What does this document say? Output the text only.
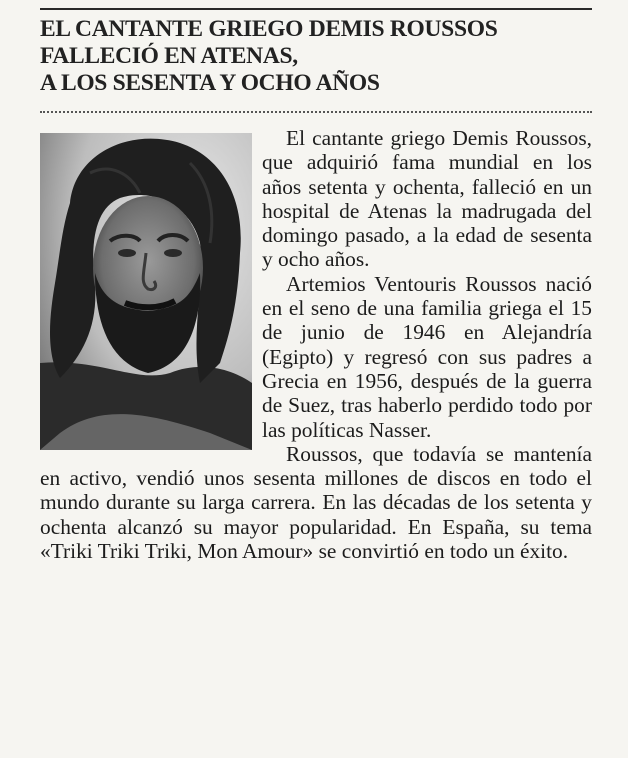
EL CANTANTE GRIEGO DEMIS ROUSSOS
FALLECIÓ EN ATENAS,
A LOS SESENTA Y OCHO AÑOS

El cantante griego Demis Roussos, que adquirió fama mundial en los años setenta y ochenta, falleció en un hospital de Atenas la madrugada del domingo pasado, a la edad de sesenta y ocho años.

Artemios Ventouris Roussos nació en el seno de una familia griega el 15 de junio de 1946 en Alejandría (Egipto) y regresó con sus padres a Grecia en 1956, después de la guerra de Suez, tras haberlo perdido todo por las políticas Nasser.

Roussos, que todavía se mantenía en activo, vendió unos sesenta millones de discos en todo el mundo durante su larga carrera. En las décadas de los setenta y ochenta alcanzó su mayor popularidad. En España, su tema «Triki Triki Triki, Mon Amour» se convirtió en todo un éxito.
